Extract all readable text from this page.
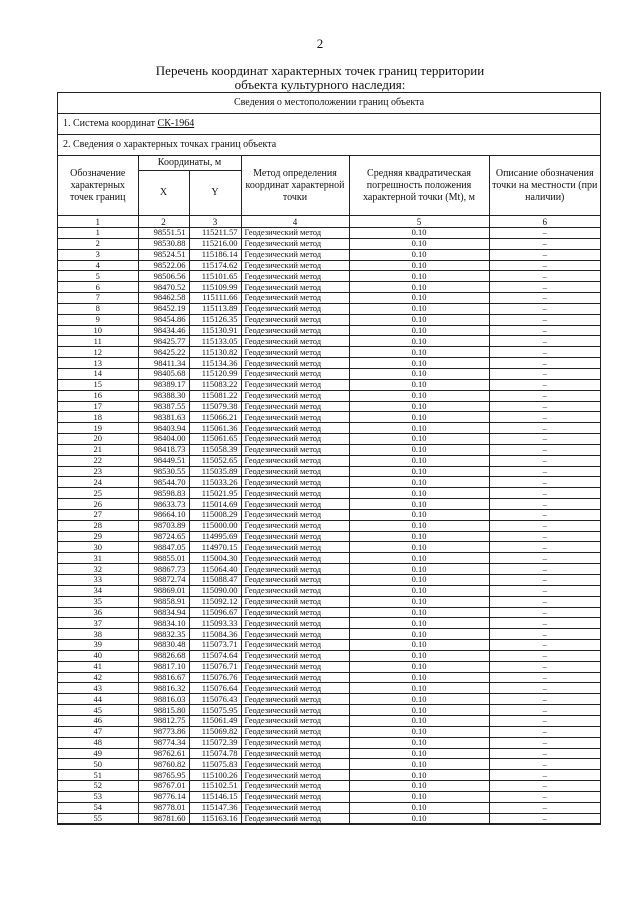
2
Перечень координат характерных точек границ территории
объекта культурного наследия:
Сведения о местоположении границ объекта
1. Система координат СК-1964
2. Сведения о характерных точках границ объекта
Обозначение характерных точек границ	Координаты, м		Метод определения координат характерной точки	Средняя квадратическая погрешность положения характерной точки (Mt), м	Описание обозначения точки на местности (при наличии)
	X	Y			
1	2	3	4	5	6
1	98551.51	115211.57	Геодезический метод	0.10	–
2	98530.88	115216.00	Геодезический метод	0.10	–
3	98524.51	115186.14	Геодезический метод	0.10	–
4	98522.06	115174.62	Геодезический метод	0.10	–
5	98506.56	115101.65	Геодезический метод	0.10	–
6	98470.52	115109.99	Геодезический метод	0.10	–
7	98462.58	115111.66	Геодезический метод	0.10	–
8	98452.19	115113.89	Геодезический метод	0.10	–
9	98454.86	115126.35	Геодезический метод	0.10	–
10	98434.46	115130.91	Геодезический метод	0.10	–
11	98425.77	115133.05	Геодезический метод	0.10	–
12	98425.22	115130.82	Геодезический метод	0.10	–
13	98411.34	115134.36	Геодезический метод	0.10	–
14	98405.68	115120.99	Геодезический метод	0.10	–
15	98389.17	115083.22	Геодезический метод	0.10	–
16	98388.30	115081.22	Геодезический метод	0.10	–
17	98387.55	115079.38	Геодезический метод	0.10	–
18	98381.63	115066.21	Геодезический метод	0.10	–
19	98403.94	115061.36	Геодезический метод	0.10	–
20	98404.00	115061.65	Геодезический метод	0.10	–
21	98418.73	115058.39	Геодезический метод	0.10	–
22	98449.51	115052.65	Геодезический метод	0.10	–
23	98530.55	115035.89	Геодезический метод	0.10	–
24	98544.70	115033.26	Геодезический метод	0.10	–
25	98598.83	115021.95	Геодезический метод	0.10	–
26	98633.73	115014.69	Геодезический метод	0.10	–
27	98664.10	115008.29	Геодезический метод	0.10	–
28	98703.89	115000.00	Геодезический метод	0.10	–
29	98724.65	114995.69	Геодезический метод	0.10	–
30	98847.05	114970.15	Геодезический метод	0.10	–
31	98855.01	115004.30	Геодезический метод	0.10	–
32	98867.73	115064.40	Геодезический метод	0.10	–
33	98872.74	115088.47	Геодезический метод	0.10	–
34	98869.01	115090.00	Геодезический метод	0.10	–
35	98858.91	115092.12	Геодезический метод	0.10	–
36	98834.94	115096.67	Геодезический метод	0.10	–
37	98834.10	115093.33	Геодезический метод	0.10	–
38	98832.35	115084.36	Геодезический метод	0.10	–
39	98830.48	115073.71	Геодезический метод	0.10	–
40	98826.68	115074.64	Геодезический метод	0.10	–
41	98817.10	115076.71	Геодезический метод	0.10	–
42	98816.67	115076.76	Геодезический метод	0.10	–
43	98816.32	115076.64	Геодезический метод	0.10	–
44	98816.03	115076.43	Геодезический метод	0.10	–
45	98815.80	115075.95	Геодезический метод	0.10	–
46	98812.75	115061.49	Геодезический метод	0.10	–
47	98773.86	115069.82	Геодезический метод	0.10	–
48	98774.34	115072.39	Геодезический метод	0.10	–
49	98762.61	115074.78	Геодезический метод	0.10	–
50	98760.82	115075.83	Геодезический метод	0.10	–
51	98765.95	115100.26	Геодезический метод	0.10	–
52	98767.01	115102.51	Геодезический метод	0.10	–
53	98776.14	115146.15	Геодезический метод	0.10	–
54	98778.01	115147.36	Геодезический метод	0.10	–
55	98781.60	115163.16	Геодезический метод	0.10	–
